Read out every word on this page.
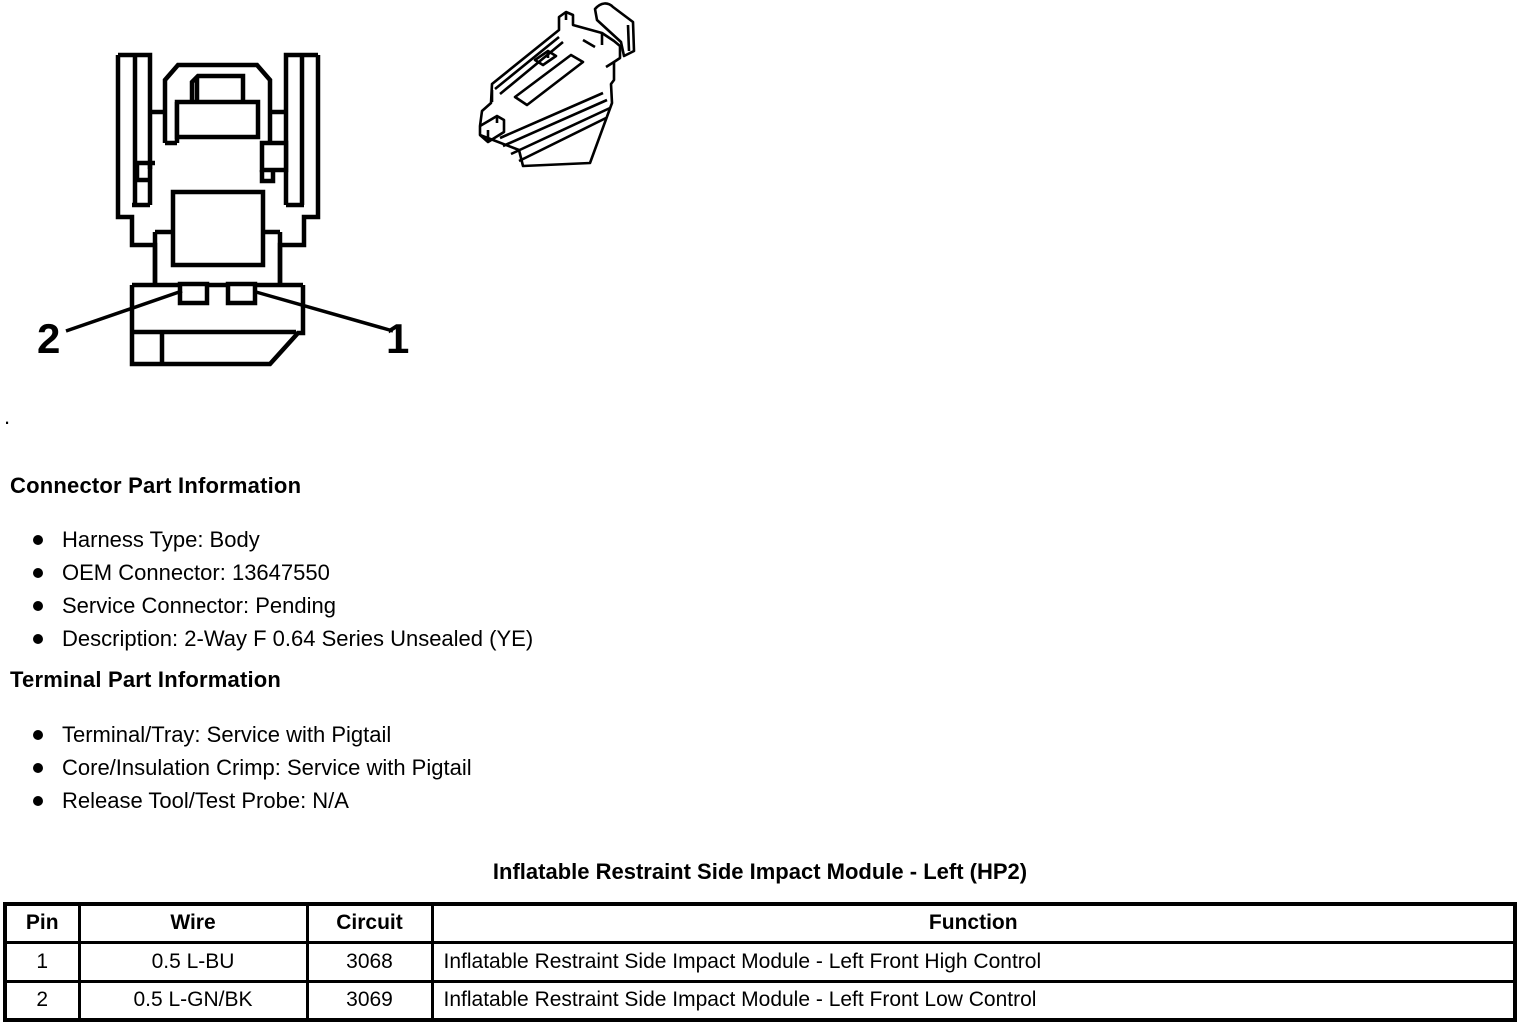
2	1
.
Connector Part Information
Harness Type: Body
OEM Connector: 13647550
Service Connector: Pending
Description: 2-Way F 0.64 Series Unsealed (YE)
Terminal Part Information
Terminal/Tray: Service with Pigtail
Core/Insulation Crimp: Service with Pigtail
Release Tool/Test Probe: N/A
Inflatable Restraint Side Impact Module - Left (HP2)
Pin	Wire	Circuit	Function
1	0.5 L-BU	3068	Inflatable Restraint Side Impact Module - Left Front High Control
2	0.5 L-GN/BK	3069	Inflatable Restraint Side Impact Module - Left Front Low Control
